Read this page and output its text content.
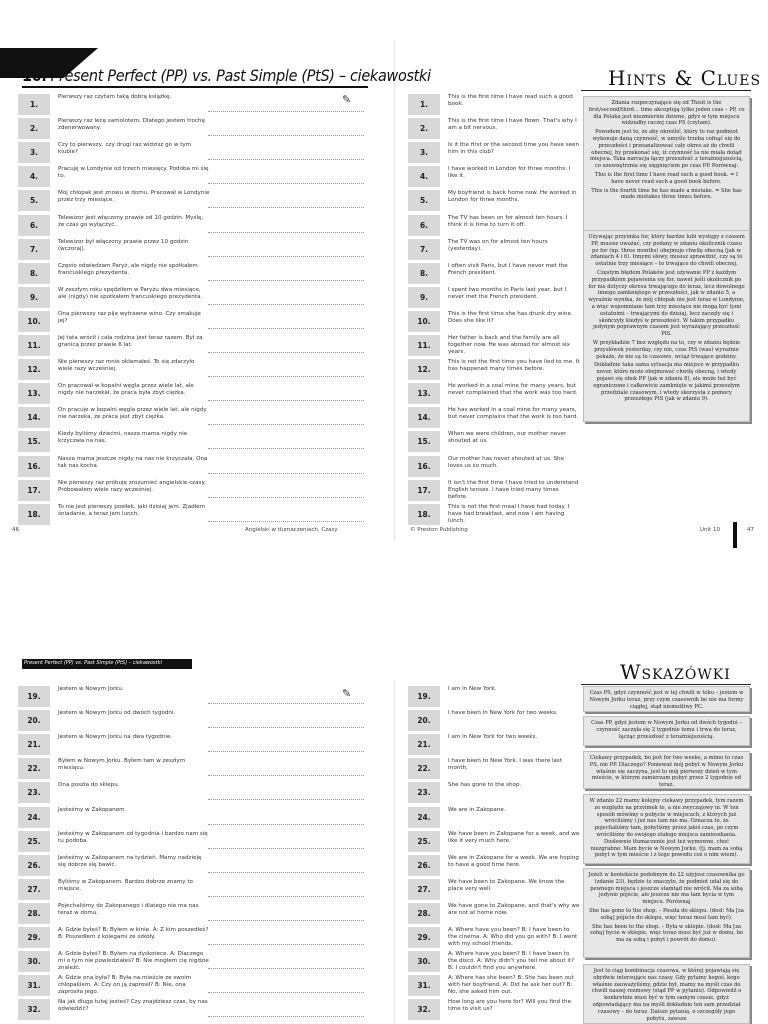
10. Present Perfect (PP) vs. Past Simple (PtS) – ciekawostki	Hints & Clues
✎
1.
Pierwszy raz czytam taką dobrą książkę.
2.
Pierwszy raz lecę samolotem. Dlatego jestem trochę zdenerwowany.
3.
Czy to pierwszy, czy drugi raz widzisz go w tym klubie?
4.
Pracuję w Londynie od trzech miesięcy. Podoba mi się to.
5.
Mój chłopak jest znowu w domu. Pracował w Londynie przez trzy miesiące.
6.
Telewizor jest włączony prawie od 10 godzin. Myślę, że czas go wyłączyć.
7.
Telewizor był włączony prawie przez 10 godzin (wczoraj).
8.
Często odwiedzam Paryż, ale nigdy nie spotkałem francuskiego prezydenta.
9.
W zeszłym roku spędziłem w Paryżu dwa miesiące, ale (nigdy) nie spotkałem francuskiego prezydenta.
10.
Ona pierwszy raz pije wytrawne wino. Czy smakuje jej?
11.
Jej tata wrócił i cała rodzina jest teraz razem. Był za granicą przez prawie 6 lat.
12.
Nie pierwszy raz mnie okłamałeś. To się zdarzyło wiele razy wcześniej.
13.
On pracował w kopalni węgla przez wiele lat, ale nigdy nie narzekał, że praca była zbyt ciężka.
14.
On pracuje w kopalni węgla przez wiele lat, ale nigdy nie narzeka, że praca jest zbyt ciężka.
15.
Kiedy byliśmy dziećmi, nasza mama nigdy nie krzyczała na nas.
16.
Nasza mama jeszcze nigdy na nas nie krzyczała. Ona tak nas kocha.
17.
Nie pierwszy raz próbuję zrozumieć angielskie czasy. Próbowałem wiele razy wcześniej.
18.
To nie jest pierwszy posiłek, jaki dzisiaj jem. Zjadłem śniadanie, a teraz jem lunch.
1.
This is the first time I have read such a good book.
2.
This is the first time I have flown. That's why I am a bit nervous.
3.
Is it the first or the second time you have seen him in this club?
4.
I have worked in London for three months. I like it.
5.
My boyfriend is back home now. He worked in London for three months.
6.
The TV has been on for almost ten hours. I think it is time to turn it off.
7.
The TV was on for almost ten hours (yesterday).
8.
I often visit Paris, but I have never met the French president.
9.
I spent two months in Paris last year, but I never met the French president.
10.
This is the first time she has drunk dry wine. Does she like it?
11.
Her father is back and the family are all together now. He was abroad for almost six years.
12.
This is not the first time you have lied to me. It has happened many times before.
13.
He worked in a coal mine for many years, but never complained that the work was too hard.
14.
He has worked in a coal mine for many years, but never complains that the work is too hard.
15.
When we were children, our mother never shouted at us.
16.
Our mother has never shouted at us. She loves us so much.
17.
It isn't the first time I have tried to understand English tenses. I have tried many times before.
18.
This is not the first meal I have had today. I have had breakfast, and now I am having lunch.

Zdania rozpoczynające się od Thisit is the first/second/third... time akceptują tylko jeden czas – PP, co dla Polaka jest niezmiernie dziwne, gdyż w tym miejscu widziałby raczej czas PS (czytam).

Powodem jest to, że aby określić, który to raz podmiot wykonuje daną czynność, w umyśle trzeba cofnąć się do przeszłości i przeanalizować cały okres aż do chwili obecnej, by przekonać się, iż czynność ta nie miała dotąd miejsca. Taka narracja łączy przeszłość z teraźniejszością, co uzewnętrznia się sięgnięciem po czas PP. Porównaj:

This is the first time I have read such a good book. = I have never read such a good book before.

This is the fourth time he has made a mistake. = She has made mistakes three times before.

Używając przyimka for, który bardzo lubi występy z czasem PP, musisz uważać, czy podany w zdaniu okolicznik czasu po for (np. three months) obejmuje chwilę obecną (jak w zdaniach 4 i 6). Innymi słowy, musisz sprawdzić, czy są to ostatnie trzy miesiące – to trwające do chwili obecnej.

Częstym błędem Polaków jest używanie PP z każdym przypadkiem pojawienia się for, nawet jeśli okolicznik po for nie dotyczy okresu trwającego do teraz, lecz dowolnego innego zamkniętego w przeszłości, jak w zdaniu 5, a wyraźnie wynika, że mój chłopak nie jest teraz w Londynie, a więc wspomniane tam trzy miesiące nie mogą być tymi ostatnimi – trwającymi do dzisiaj, lecz zaczęły się i skończyły kiedyś w przeszłości. W takim przypadku jedynym poprawnym czasem jest wyrażający przeszłość PtS.

W przykładzie 7 bez względu na to, czy w zdaniu będzie przysłówek yesterday, czy nie, czas PtS (was) wyraźnie pokaże, że nie są to czasowe, wciąż trwające godziny.

Dokładnie taka sama sytuacja ma miejsce w przypadku never, które może obejmować chwilę obecną, i wtedy pojawi się obok PP (jak w zdaniu 8), ale może też być ograniczone i całkowicie zamknięte w jakimś przeszłym przedziale czasowym, i wtedy skorzysta z pomocy przeszłego PtS (jak w zdaniu 9).

46	Angielski w tłumaczeniach. Czasy	© Preston Publishing	Unit 10	47
Present Perfect (PP) vs. Past Simple (PtS) – ciekawostki	Wskazówki
✎
19.
Jestem w Nowym Jorku.
20.
Jestem w Nowym Jorku od dwóch tygodni.
21.
Jestem w Nowym Jorku na dwa tygodnie.
22.
Byłem w Nowym Jorku. Byłem tam w zeszłym miesiącu.
23.
Ona poszła do sklepu.
24.
Jesteśmy w Zakopanem.
25.
Jesteśmy w Zakopanem od tygodnia i bardzo nam się tu podoba.
26.
Jesteśmy w Zakopanem na tydzień. Mamy nadzieję się dobrze się bawić.
27.
Byliśmy w Zakopanem. Bardzo dobrze znamy to miejsce.
28.
Pojechaliśmy do Zakopanego i dlatego nie ma nas teraz w domu.
29.
A: Gdzie byłeś? B: Byłem w kinie. A: Z kim poszedłeś? B: Poszedłem z kolegami ze szkoły.
30.
A: Gdzie byłeś? B: Byłam na dyskotece. A: Dlaczego mi o tym nie powiedziałeś? B: Nie mogłem cię nigdzie znaleźć.
31.
A: Gdzie ona była? B: Była na mieście ze swoim chłopakiem. A: Czy on ją zaprosił? B: Nie, ona zaprosiła jego.
32.
Na jak długo tutaj jesteś? Czy znajdziesz czas, by nas odwiedzić?
19.
I am in New York.
20.
I have been in New York for two weeks.
21.
I am in New York for two weeks.
22.
I have been to New York. I was there last month.
23.
She has gone to the shop.
24.
We are in Zakopane.
25.
We have been in Zakopane for a week, and we like it very much here.
26.
We are in Zakopane for a week. We are hoping to have a good time here.
27.
We have been to Zakopane. We know the place very well.
28.
We have gone to Zakopane, and that's why we are not at home now.
29.
A: Where have you been? B: I have been to the cinema. A: Who did you go with? B: I went with my school friends.
30.
A: Where have you been? B: I have been to the disco. A: Why didn't you tell me about it? B: I couldn't find you anywhere.
31.
A: Where has she been? B: She has been out with her boyfriend. A: Did he ask her out? B: No, she asked him out.
32.
How long are you here for? Will you find the time to visit us?

Czas PS, gdyż czynność jest w tej chwili w toku – jestem w Nowym Jorku teraz, przy czym czasownik be nie ma formy ciągłej, stąd niemożliwy PC.

Czas PP, gdyż jestem w Nowym Jorku od dwóch tygodni – czynność zaczęła się 2 tygodnie temu i trwa do teraz, łącząc przeszłość z teraźniejszością.

Ciekawy przypadek, bo jest for two weeks, a mimo to czas PS, nie PP. Dlaczego? Ponieważ mój pobyt w Nowym Jorku właśnie się zaczyna, jest to mój pierwszy dzień w tym mieście, w którym zamierzam pobyć przez 2 tygodnie od teraz.

W zdaniu 22 mamy kolejny ciekawy przypadek, tym razem ze względu na przyimek to, a nie zwyczajowy in. W ten sposób mówimy o pobycie w miejscach, z których już wróciliśmy i już nas tam nie ma. Oznacza to, że pojechaliśmy tam, pobyliśmy przez jakiś czas, po czym wróciliśmy do swojego stałego miejsca zamieszkania. Dosłownie tłumaczenie jest też wymowne, choć niezgrabne: Mam bycie w Nowym Jorku. (tj. mam za sobą pobyt w tym mieście i z tego powodu coś o nim wiem).

Jeżeli w kontekście podobnym do 22 użyjesz czasownika go (zdanie 23), będzie to znaczyło, że podmiot udał się do pewnego miejsca i jeszcze stamtąd nie wrócił. Ma za sobą jedynie pójście, ale jeszcze nie ma tam bycia w tym miejscu. Porównaj

She has gone to the shop. – Poszła do sklepu. (dosł: Ma [za sobą] pójście do sklepu, więc teraz musi tam być).

She has been to the shop. – Była w sklepie. (dosł: Ma [za sobą] bycie w sklepie, więc teraz musi być już w domu, bo ma za sobą i pobyt i powrót do domu).

Jest to ciąg kombinacja czasowa, w której pojawiają się obydwie intersujące nas czasy. Gdy pytamy kogoś, kogo właśnie zauważyliśmy, gdzie był, mamy na myśli czas do chwili naszej rozmowy (stąd PP w pytaniu). Odpowiedź o konkretnie musi być w tym samym czasie, gdyż odpowiadający ma na myśli dokładnie ten sam przedział czasowy – do teraz. Dalsze pytania, o szczegóły jego pobytu, zawsze
